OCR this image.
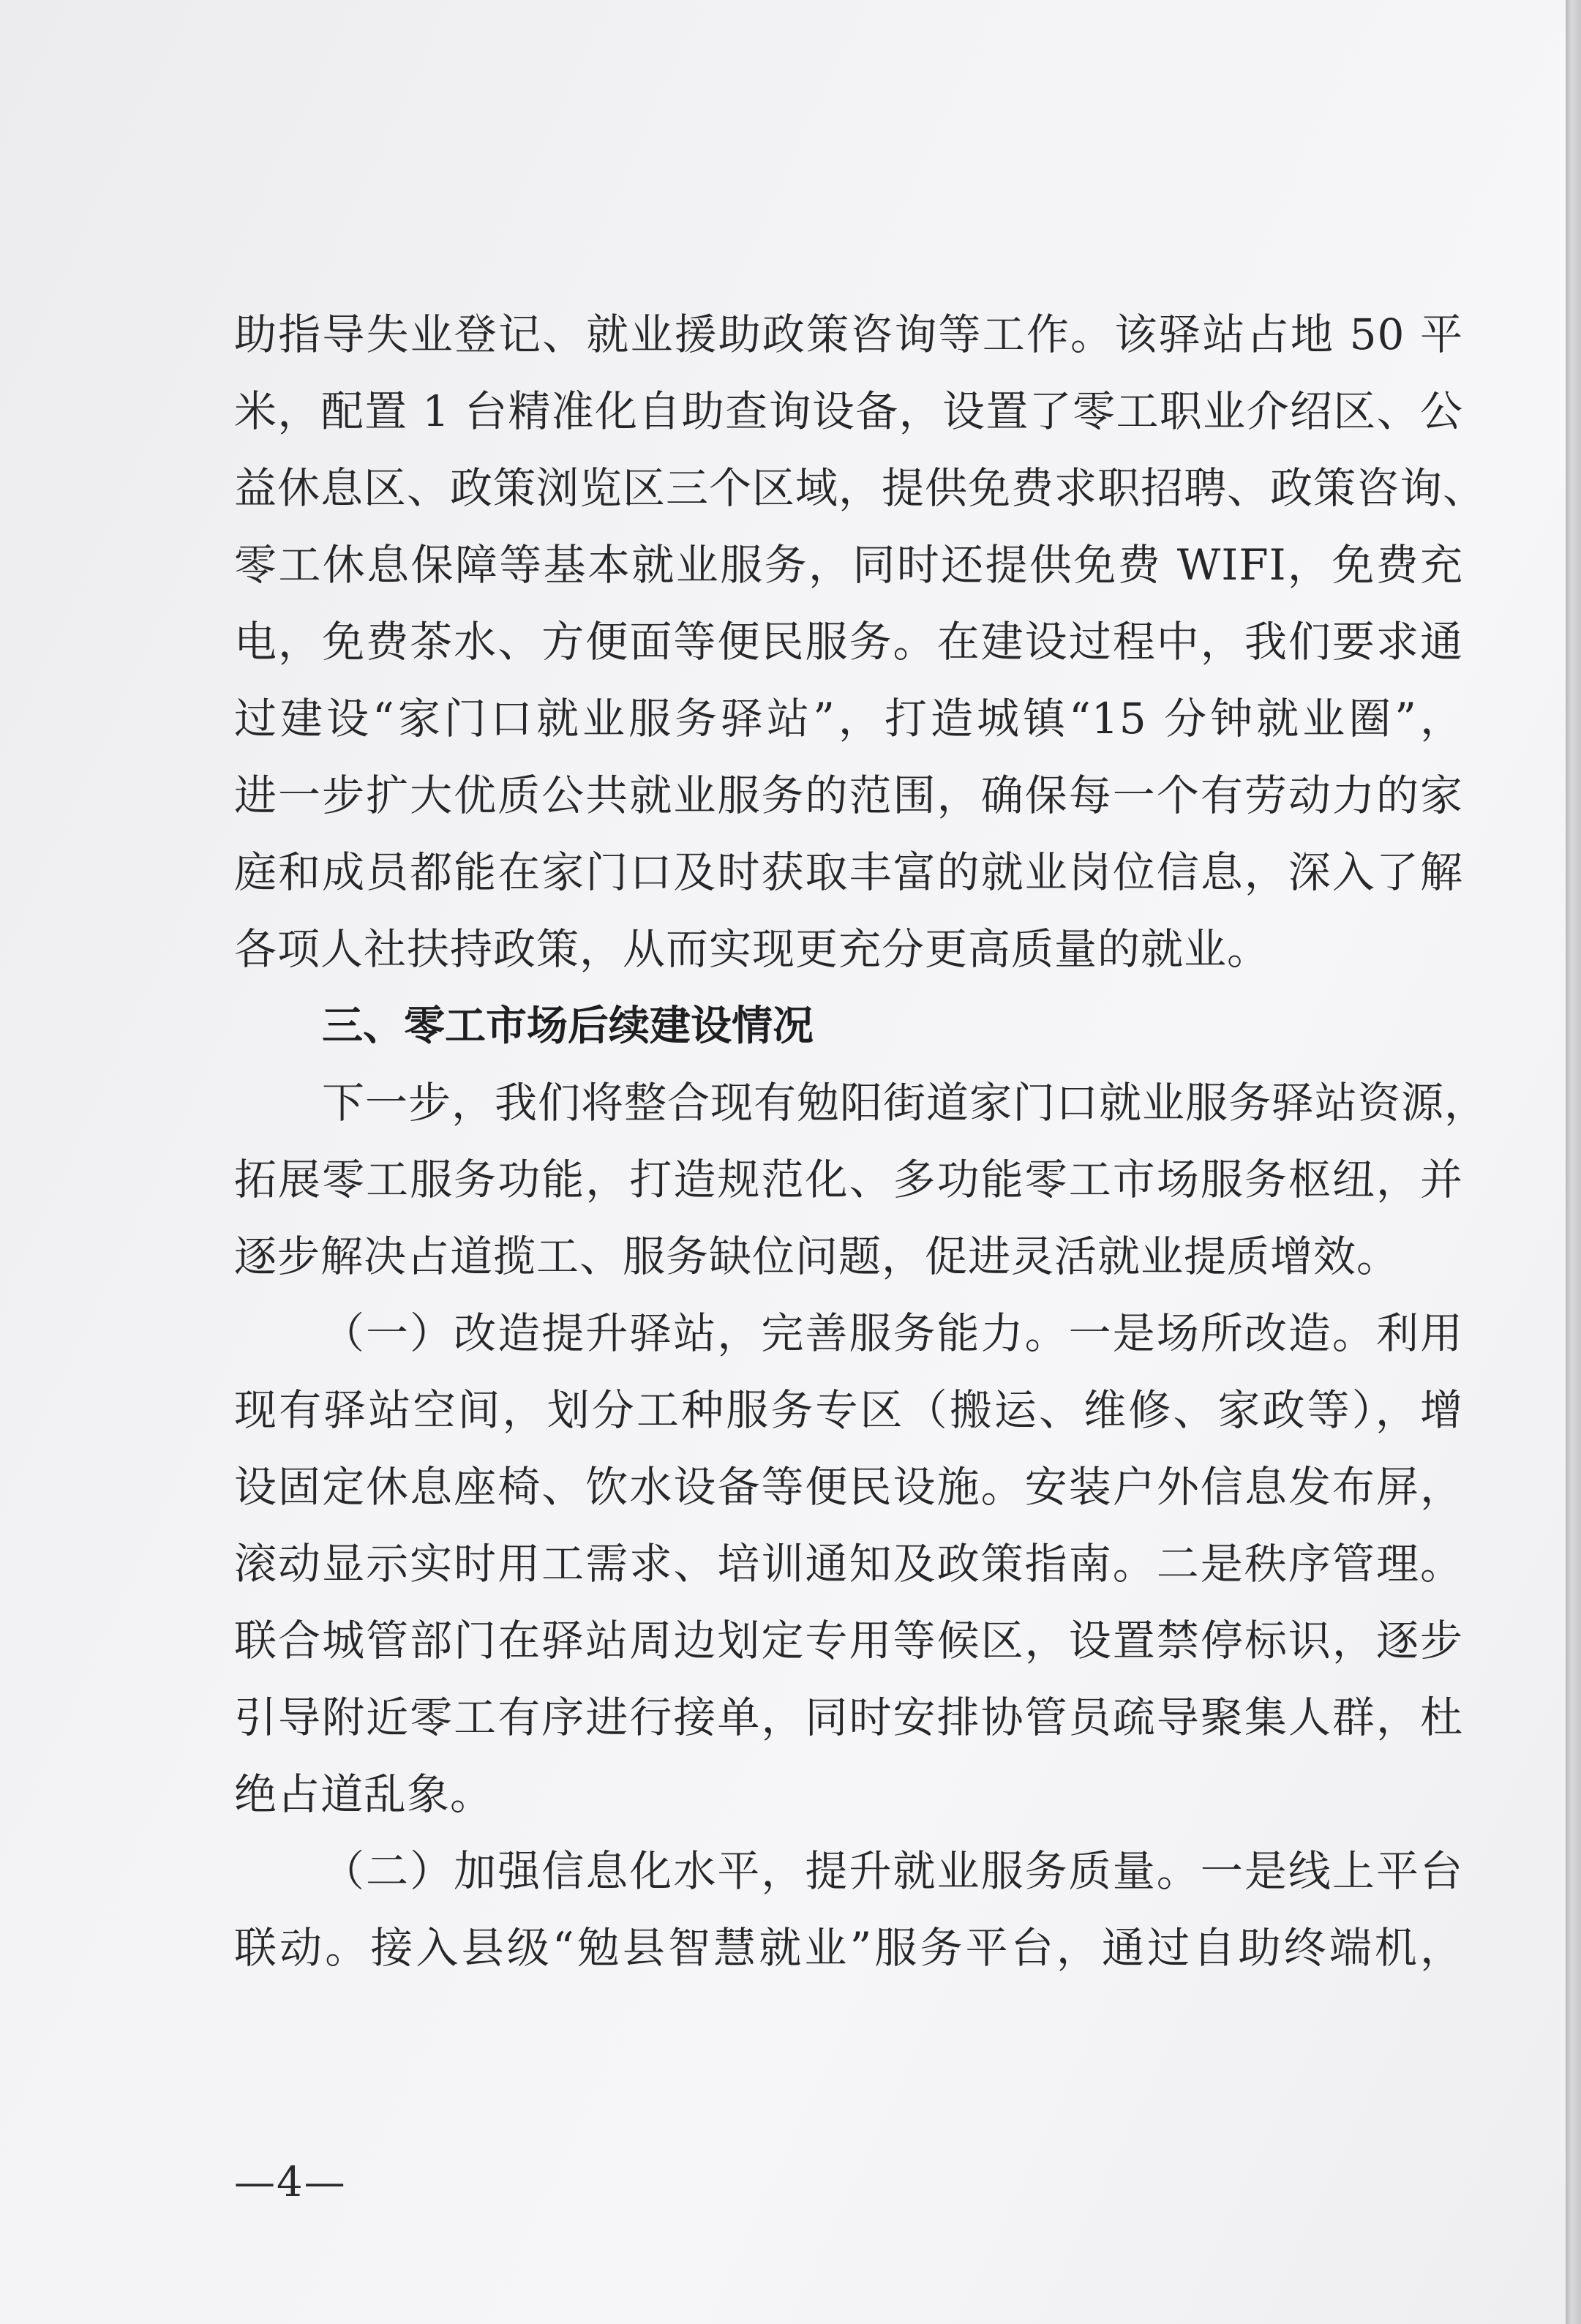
助指导失业登记、就业援助政策咨询等工作。该驿站占地 50 平
米，配置 1 台精准化自助查询设备，设置了零工职业介绍区、公
益休息区、政策浏览区三个区域，提供免费求职招聘、政策咨询、
零工休息保障等基本就业服务，同时还提供免费 WIFI，免费充
电，免费茶水、方便面等便民服务。在建设过程中，我们要求通
过建设“家门口就业服务驿站”，打造城镇“15 分钟就业圈”，
进一步扩大优质公共就业服务的范围，确保每一个有劳动力的家
庭和成员都能在家门口及时获取丰富的就业岗位信息，深入了解
各项人社扶持政策，从而实现更充分更高质量的就业。
三、零工市场后续建设情况
下一步，我们将整合现有勉阳街道家门口就业服务驿站资源，
拓展零工服务功能，打造规范化、多功能零工市场服务枢纽，并
逐步解决占道揽工、服务缺位问题，促进灵活就业提质增效。
（一）改造提升驿站，完善服务能力。一是场所改造。利用
现有驿站空间，划分工种服务专区（搬运、维修、家政等），增
设固定休息座椅、饮水设备等便民设施。安装户外信息发布屏，
滚动显示实时用工需求、培训通知及政策指南。二是秩序管理。
联合城管部门在驿站周边划定专用等候区，设置禁停标识，逐步
引导附近零工有序进行接单，同时安排协管员疏导聚集人群，杜
绝占道乱象。
（二）加强信息化水平，提升就业服务质量。一是线上平台
联动。接入县级“勉县智慧就业”服务平台，通过自助终端机，
—4—
